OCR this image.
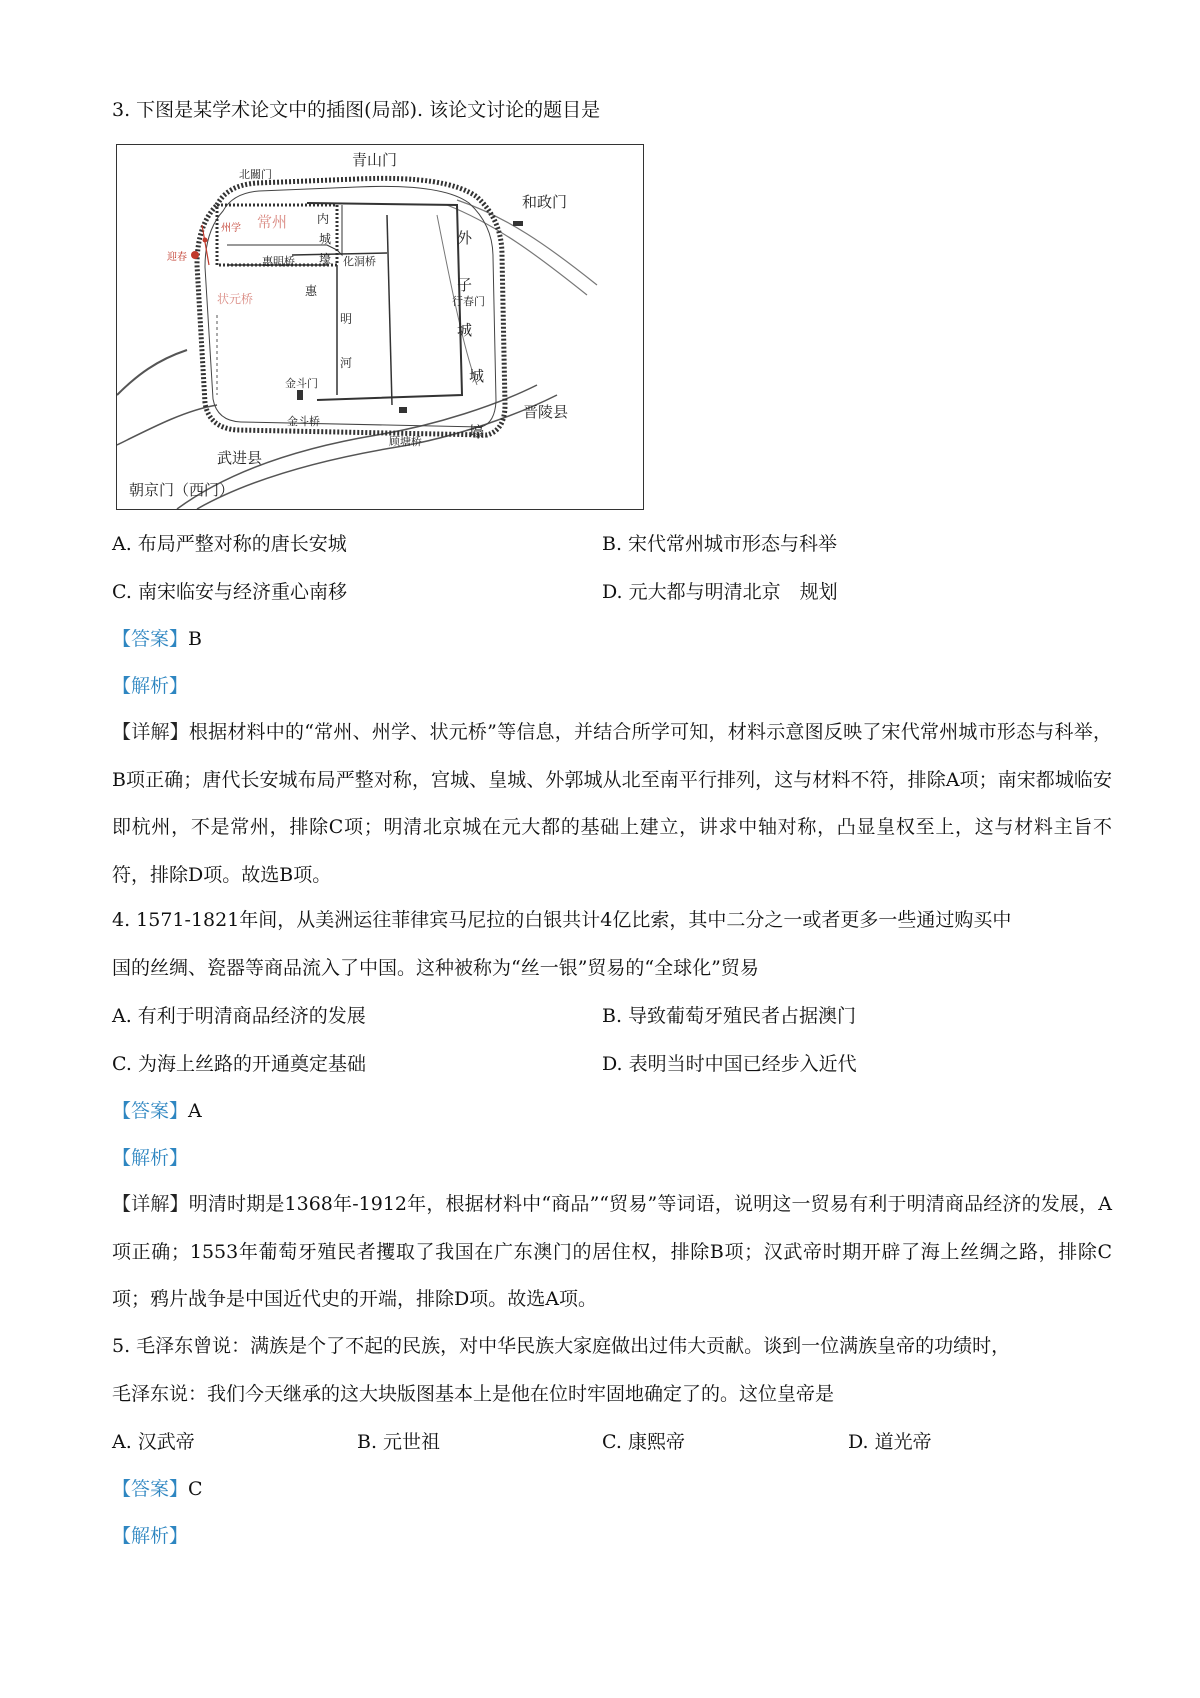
3. 下图是某学术论文中的插图(局部). 该论文讨论的题目是
青山门
北關门
和政门
常州
州学
迎春
内
城
壕
外
子
城
城
壕
惠明桥	化洞桥
状元桥
惠
明
河
行春门
金斗门
金斗桥
武进县
晋陵县
顾塘桥
朝京门（西门）
A. 布局严整对称的唐长安城	B. 宋代常州城市形态与科举
C. 南宋临安与经济重心南移	D. 元大都与明清北京　规划
【答案】B
【解析】
【详解】根据材料中的“常州、州学、状元桥”等信息，并结合所学可知，材料示意图反映了宋代常州城市形态与科举，B项正确；唐代长安城布局严整对称，宫城、皇城、外郭城从北至南平行排列，这与材料不符，排除A项；南宋都城临安即杭州，不是常州，排除C项；明清北京城在元大都的基础上建立，讲求中轴对称，凸显皇权至上，这与材料主旨不符，排除D项。故选B项。
4. 1571-1821年间，从美洲运往菲律宾马尼拉的白银共计4亿比索，其中二分之一或者更多一些通过购买中
国的丝绸、瓷器等商品流入了中国。这种被称为“丝一银”贸易的“全球化”贸易
A. 有利于明清商品经济的发展	B. 导致葡萄牙殖民者占据澳门
C. 为海上丝路的开通奠定基础	D. 表明当时中国已经步入近代
【答案】A
【解析】
【详解】明清时期是1368年-1912年，根据材料中“商品”“贸易”等词语，说明这一贸易有利于明清商品经济的发展，A项正确；1553年葡萄牙殖民者攫取了我国在广东澳门的居住权，排除B项；汉武帝时期开辟了海上丝绸之路，排除C项；鸦片战争是中国近代史的开端，排除D项。故选A项。
5. 毛泽东曾说：满族是个了不起的民族，对中华民族大家庭做出过伟大贡献。谈到一位满族皇帝的功绩时，
毛泽东说：我们今天继承的这大块版图基本上是他在位时牢固地确定了的。这位皇帝是
A. 汉武帝	B. 元世祖	C. 康熙帝	D. 道光帝
【答案】C
【解析】
